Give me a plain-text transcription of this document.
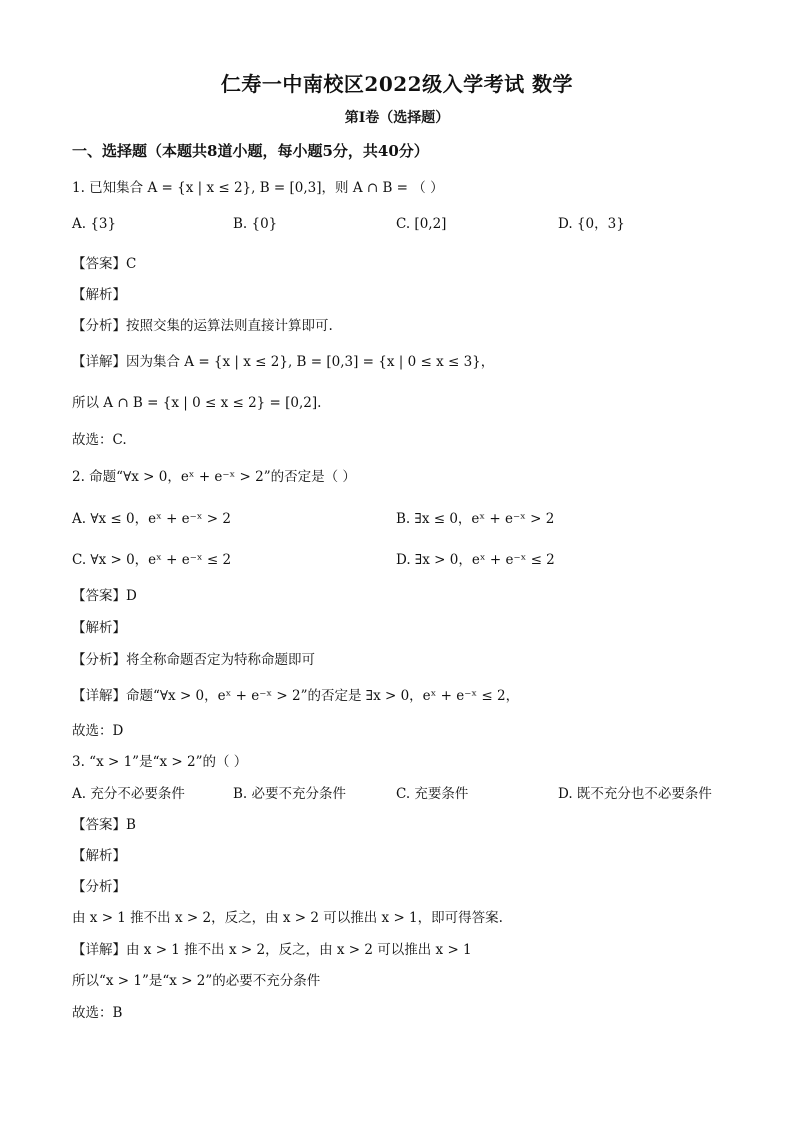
仁寿一中南校区2022级入学考试 数学
第Ⅰ卷（选择题）
一、选择题（本题共8道小题，每小题5分，共40分）
1. 已知集合 A = {x | x ≤ 2}, B = [0,3]，则 A ∩ B = （ ）
A. {3}	B. {0}	C. [0,2]	D. {0，3}
【答案】C
【解析】
【分析】按照交集的运算法则直接计算即可.
【详解】因为集合 A = {x | x ≤ 2}, B = [0,3] = {x | 0 ≤ x ≤ 3}，
所以 A ∩ B = {x | 0 ≤ x ≤ 2} = [0,2].
故选：C.
2. 命题“∀x > 0，eˣ + e⁻ˣ > 2”的否定是（ ）
A. ∀x ≤ 0，eˣ + e⁻ˣ > 2	B. ∃x ≤ 0，eˣ + e⁻ˣ > 2
C. ∀x > 0，eˣ + e⁻ˣ ≤ 2	D. ∃x > 0，eˣ + e⁻ˣ ≤ 2
【答案】D
【解析】
【分析】将全称命题否定为特称命题即可
【详解】命题“∀x > 0，eˣ + e⁻ˣ > 2”的否定是 ∃x > 0，eˣ + e⁻ˣ ≤ 2，
故选：D
3. “x > 1”是“x > 2”的（ ）
A. 充分不必要条件	B. 必要不充分条件	C. 充要条件	D. 既不充分也不必要条件
【答案】B
【解析】
【分析】
由 x > 1 推不出 x > 2，反之，由 x > 2 可以推出 x > 1，即可得答案.
【详解】由 x > 1 推不出 x > 2，反之，由 x > 2 可以推出 x > 1
所以“x > 1”是“x > 2”的必要不充分条件
故选：B
